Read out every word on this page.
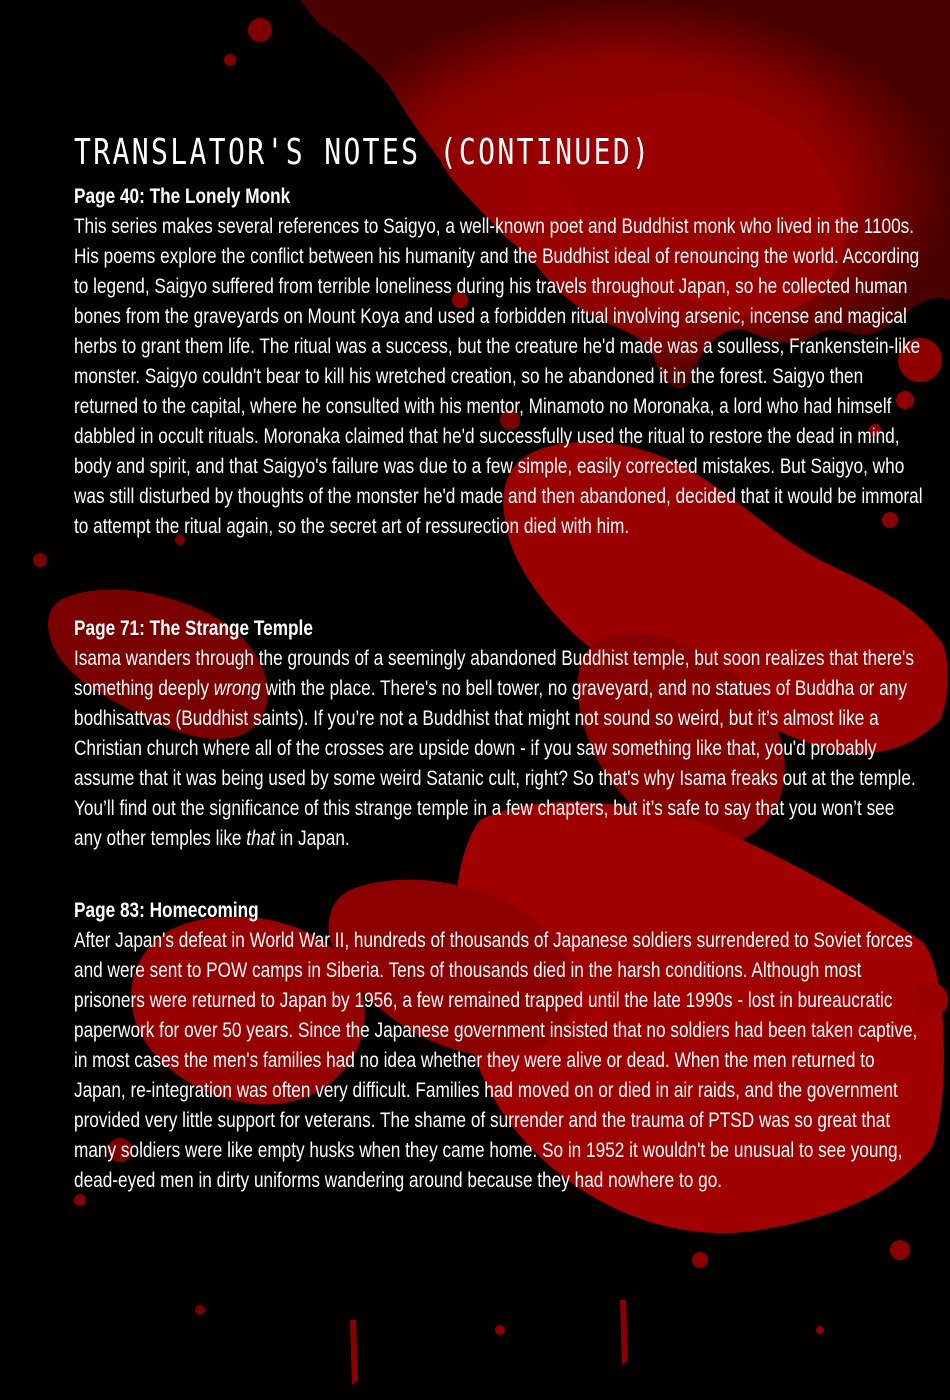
TRANSLATOR'S NOTES (CONTINUED)
Page 40: The Lonely Monk
This series makes several references to Saigyo, a well-known poet and Buddhist monk who lived in the 1100s. His poems explore the conflict between his humanity and the Buddhist ideal of renouncing the world. According to legend, Saigyo suffered from terrible loneliness during his travels throughout Japan, so he collected human bones from the graveyards on Mount Koya and used a forbidden ritual involving arsenic, incense and magical herbs to grant them life. The ritual was a success, but the creature he'd made was a soulless, Frankenstein-like monster. Saigyo couldn't bear to kill his wretched creation, so he abandoned it in the forest. Saigyo then returned to the capital, where he consulted with his mentor, Minamoto no Moronaka, a lord who had himself dabbled in occult rituals. Moronaka claimed that he'd successfully used the ritual to restore the dead in mind, body and spirit, and that Saigyo's failure was due to a few simple, easily corrected mistakes. But Saigyo, who was still disturbed by thoughts of the monster he'd made and then abandoned, decided that it would be immoral to attempt the ritual again, so the secret art of ressurection died with him.
Page 71: The Strange Temple
Isama wanders through the grounds of a seemingly abandoned Buddhist temple, but soon realizes that there's something deeply wrong with the place. There's no bell tower, no graveyard, and no statues of Buddha or any bodhisattvas (Buddhist saints). If you’re not a Buddhist that might not sound so weird, but it’s almost like a Christian church where all of the crosses are upside down - if you saw something like that, you'd probably assume that it was being used by some weird Satanic cult, right? So that's why Isama freaks out at the temple. You’ll find out the significance of this strange temple in a few chapters, but it’s safe to say that you won’t see any other temples like that in Japan.
Page 83: Homecoming
After Japan's defeat in World War II, hundreds of thousands of Japanese soldiers surrendered to Soviet forces and were sent to POW camps in Siberia. Tens of thousands died in the harsh conditions. Although most prisoners were returned to Japan by 1956, a few remained trapped until the late 1990s - lost in bureaucratic paperwork for over 50 years. Since the Japanese government insisted that no soldiers had been taken captive, in most cases the men's families had no idea whether they were alive or dead. When the men returned to Japan, re-integration was often very difficult. Families had moved on or died in air raids, and the government provided very little support for veterans. The shame of surrender and the trauma of PTSD was so great that many soldiers were like empty husks when they came home. So in 1952 it wouldn't be unusual to see young, dead-eyed men in dirty uniforms wandering around because they had nowhere to go.
